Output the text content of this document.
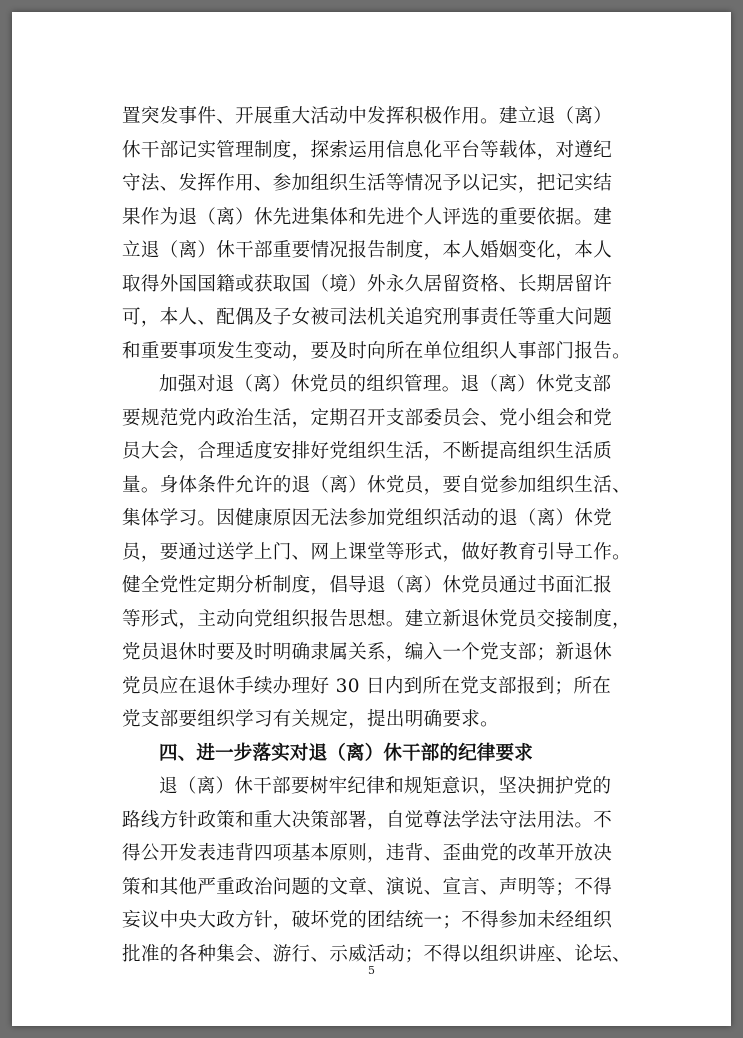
置突发事件、开展重大活动中发挥积极作用。建立退（离）
休干部记实管理制度，探索运用信息化平台等载体，对遵纪
守法、发挥作用、参加组织生活等情况予以记实，把记实结
果作为退（离）休先进集体和先进个人评选的重要依据。建
立退（离）休干部重要情况报告制度，本人婚姻变化，本人
取得外国国籍或获取国（境）外永久居留资格、长期居留许
可，本人、配偶及子女被司法机关追究刑事责任等重大问题
和重要事项发生变动，要及时向所在单位组织人事部门报告。
加强对退（离）休党员的组织管理。退（离）休党支部
要规范党内政治生活，定期召开支部委员会、党小组会和党
员大会，合理适度安排好党组织生活，不断提高组织生活质
量。身体条件允许的退（离）休党员，要自觉参加组织生活、
集体学习。因健康原因无法参加党组织活动的退（离）休党
员，要通过送学上门、网上课堂等形式，做好教育引导工作。
健全党性定期分析制度，倡导退（离）休党员通过书面汇报
等形式，主动向党组织报告思想。建立新退休党员交接制度，
党员退休时要及时明确隶属关系，编入一个党支部；新退休
党员应在退休手续办理好 30 日内到所在党支部报到；所在
党支部要组织学习有关规定，提出明确要求。
四、进一步落实对退（离）休干部的纪律要求
退（离）休干部要树牢纪律和规矩意识，坚决拥护党的
路线方针政策和重大决策部署，自觉尊法学法守法用法。不
得公开发表违背四项基本原则，违背、歪曲党的改革开放决
策和其他严重政治问题的文章、演说、宣言、声明等；不得
妄议中央大政方针，破坏党的团结统一；不得参加未经组织
批准的各种集会、游行、示威活动；不得以组织讲座、论坛、
5
